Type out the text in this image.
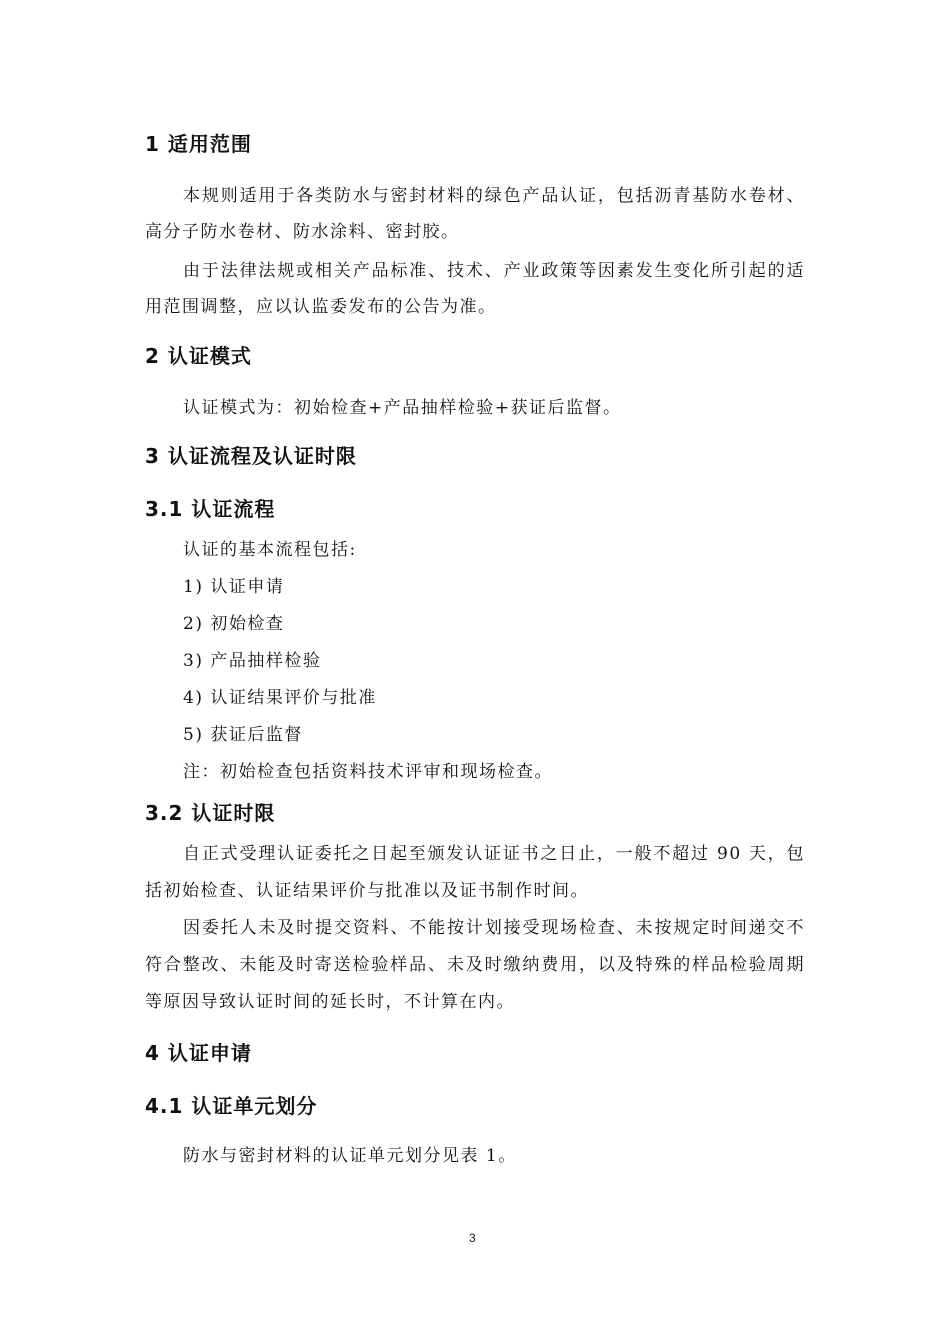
1 适用范围
本规则适用于各类防水与密封材料的绿色产品认证，包括沥青基防水卷材、
高分子防水卷材、防水涂料、密封胶。
由于法律法规或相关产品标准、技术、产业政策等因素发生变化所引起的适
用范围调整，应以认监委发布的公告为准。
2 认证模式
认证模式为：初始检查+产品抽样检验+获证后监督。
3 认证流程及认证时限
3.1 认证流程
认证的基本流程包括:
1) 认证申请
2) 初始检查
3) 产品抽样检验
4) 认证结果评价与批准
5) 获证后监督
注：初始检查包括资料技术评审和现场检查。
3.2 认证时限
自正式受理认证委托之日起至颁发认证证书之日止，一般不超过 90 天，包
括初始检查、认证结果评价与批准以及证书制作时间。
因委托人未及时提交资料、不能按计划接受现场检查、未按规定时间递交不
符合整改、未能及时寄送检验样品、未及时缴纳费用，以及特殊的样品检验周期
等原因导致认证时间的延长时，不计算在内。
4 认证申请
4.1 认证单元划分
防水与密封材料的认证单元划分见表 1。
3
